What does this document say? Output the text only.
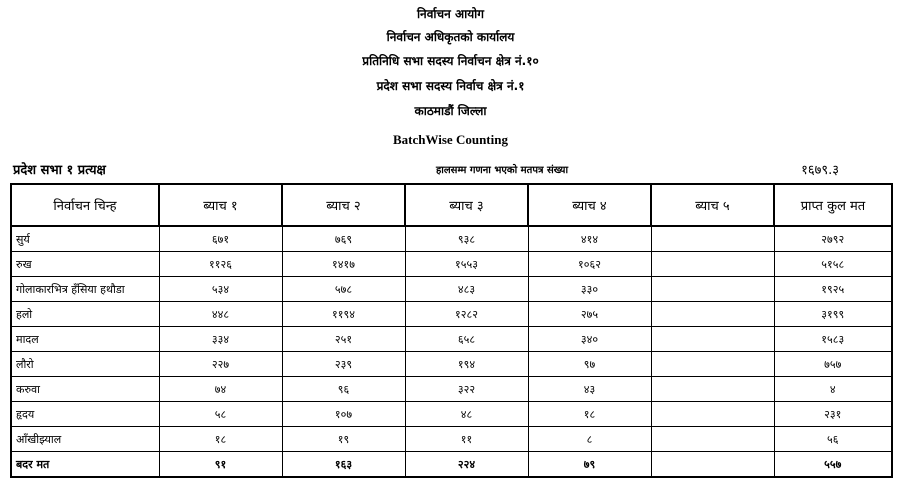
निर्वाचन आयोग
निर्वाचन अधिकृतको कार्यालय
प्रतिनिधि सभा सदस्य निर्वाचन क्षेत्र नं.१०
प्रदेश सभा सदस्य निर्वाच क्षेत्र नं.१
काठमाडौं जिल्ला
BatchWise Counting
प्रदेश सभा १ प्रत्यक्ष	हालसम्म गणना भएको मतपत्र संख्या	१६७९.३
निर्वाचन चिन्ह	ब्याच १	ब्याच २	ब्याच ३	ब्याच ४	ब्याच ५	प्राप्त कुल मत
सुर्य	६७१	७६९	९३८	४१४		२७९२
रुख	११२६	१४१७	१५५३	१०६२		५१५८
गोलाकारभित्र हँसिया हथौडा	५३४	५७८	४८३	३३०		१९२५
हलो	४४८	११९४	१२८२	२७५		३१९९
मादल	३३४	२५१	६५८	३४०		१५८३
लौरो	२२७	२३९	१९४	९७		७५७
करुवा	७४	९६	३२२	४३		४
हृदय	५८	१०७	४८	१८		२३१
आँखीझ्याल	१८	१९	११	८		५६
बदर मत	९१	१६३	२२४	७९		५५७
